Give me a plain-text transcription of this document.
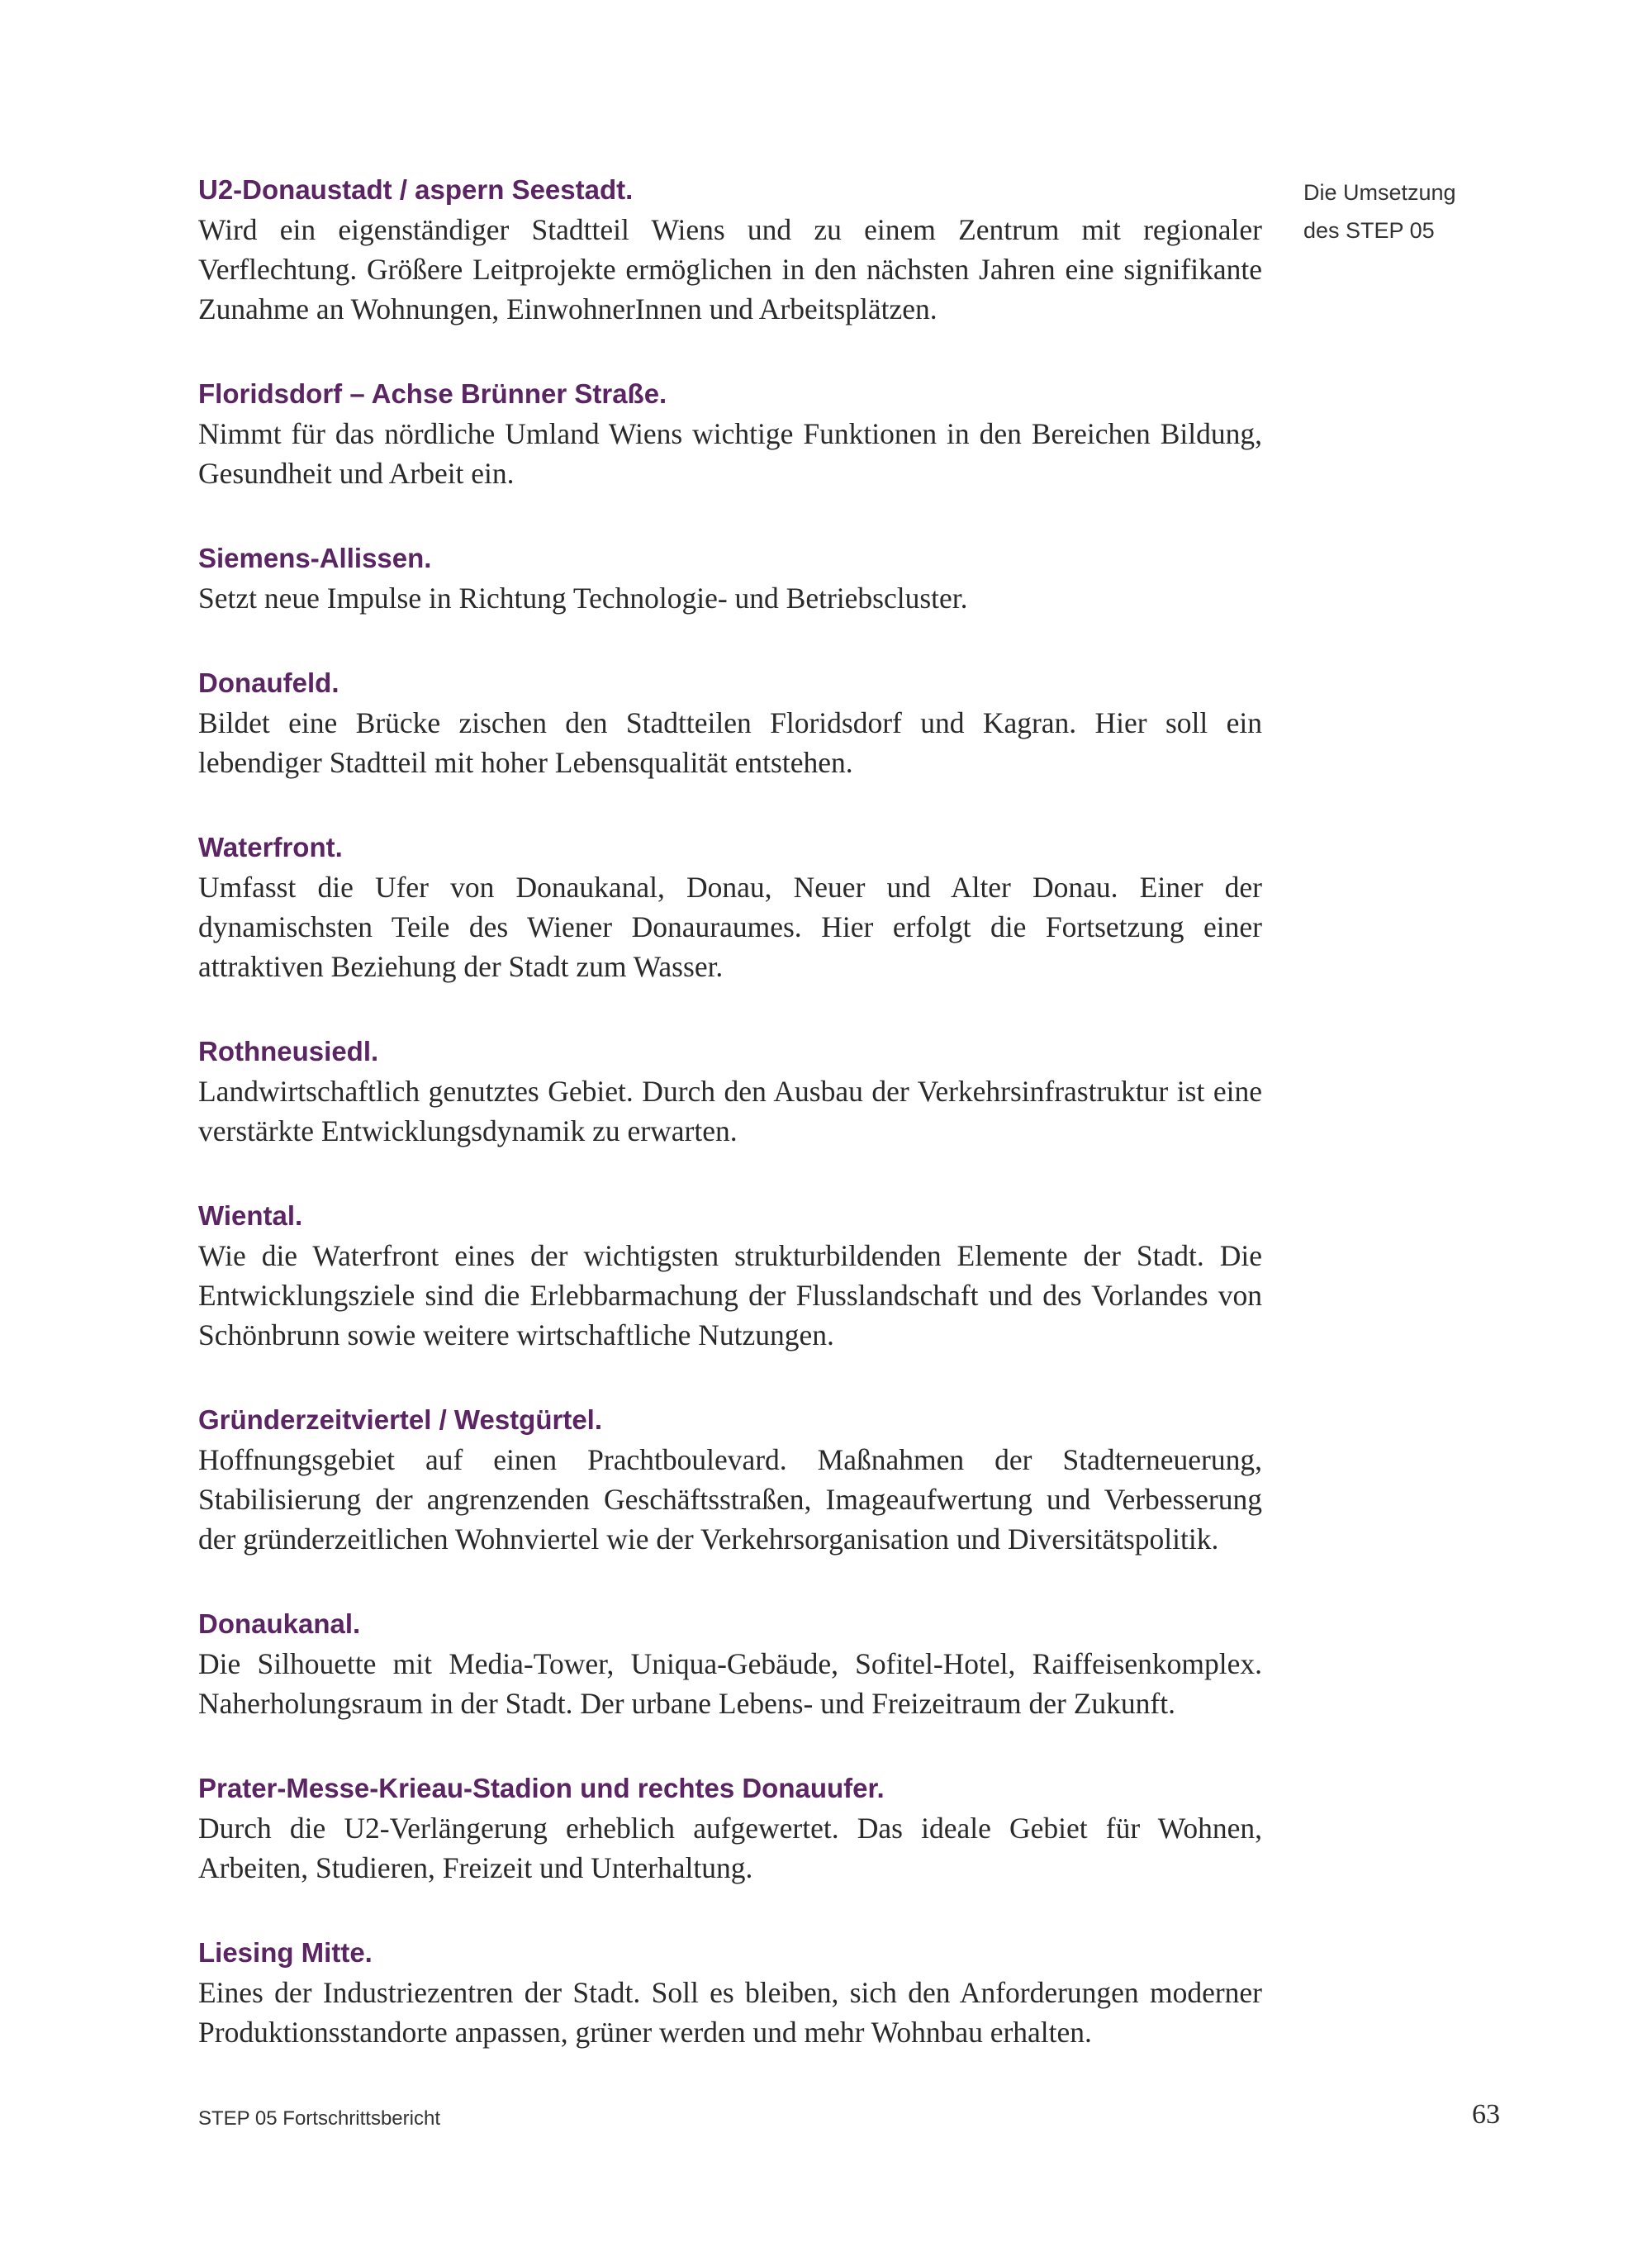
Die Umsetzung
des STEP 05

U2-Donaustadt / aspern Seestadt.

Wird ein eigenständiger Stadtteil Wiens und zu einem Zentrum mit regionaler Verflechtung. Größere Leitprojekte ermöglichen in den nächsten Jahren eine signifikante Zunahme an Wohnungen, EinwohnerInnen und Arbeitsplätzen.

Floridsdorf – Achse Brünner Straße.

Nimmt für das nördliche Umland Wiens wichtige Funktionen in den Bereichen Bildung, Gesundheit und Arbeit ein.

Siemens-Allissen.

Setzt neue Impulse in Richtung Technologie- und Betriebscluster.

Donaufeld.

Bildet eine Brücke zischen den Stadtteilen Floridsdorf und Kagran. Hier soll ein lebendiger Stadtteil mit hoher Lebensqualität entstehen.

Waterfront.

Umfasst die Ufer von Donaukanal, Donau, Neuer und Alter Donau. Einer der dynamischsten Teile des Wiener Donauraumes. Hier erfolgt die Fortsetzung einer attraktiven Beziehung der Stadt zum Wasser.

Rothneusiedl.

Landwirtschaftlich genutztes Gebiet. Durch den Ausbau der Verkehrsinfrastruktur ist eine verstärkte Entwicklungsdynamik zu erwarten.

Wiental.

Wie die Waterfront eines der wichtigsten strukturbildenden Elemente der Stadt. Die Entwicklungsziele sind die Erlebbarmachung der Flusslandschaft und des Vorlandes von Schönbrunn sowie weitere wirtschaftliche Nutzungen.

Gründerzeitviertel / Westgürtel.

Hoffnungsgebiet auf einen Prachtboulevard. Maßnahmen der Stadterneuerung, Stabilisierung der angrenzenden Geschäftsstraßen, Imageaufwertung und Verbesserung der gründerzeitlichen Wohnviertel wie der Verkehrsorganisation und Diversitätspolitik.

Donaukanal.

Die Silhouette mit Media-Tower, Uniqua-Gebäude, Sofitel-Hotel, Raiffeisenkomplex. Naherholungsraum in der Stadt. Der urbane Lebens- und Freizeitraum der Zukunft.

Prater-Messe-Krieau-Stadion und rechtes Donauufer.

Durch die U2-Verlängerung erheblich aufgewertet. Das ideale Gebiet für Wohnen, Arbeiten, Studieren, Freizeit und Unterhaltung.

Liesing Mitte.

Eines der Industriezentren der Stadt. Soll es bleiben, sich den Anforderungen moderner Produktionsstandorte anpassen, grüner werden und mehr Wohnbau erhalten.

STEP 05 Fortschrittsbericht	63
